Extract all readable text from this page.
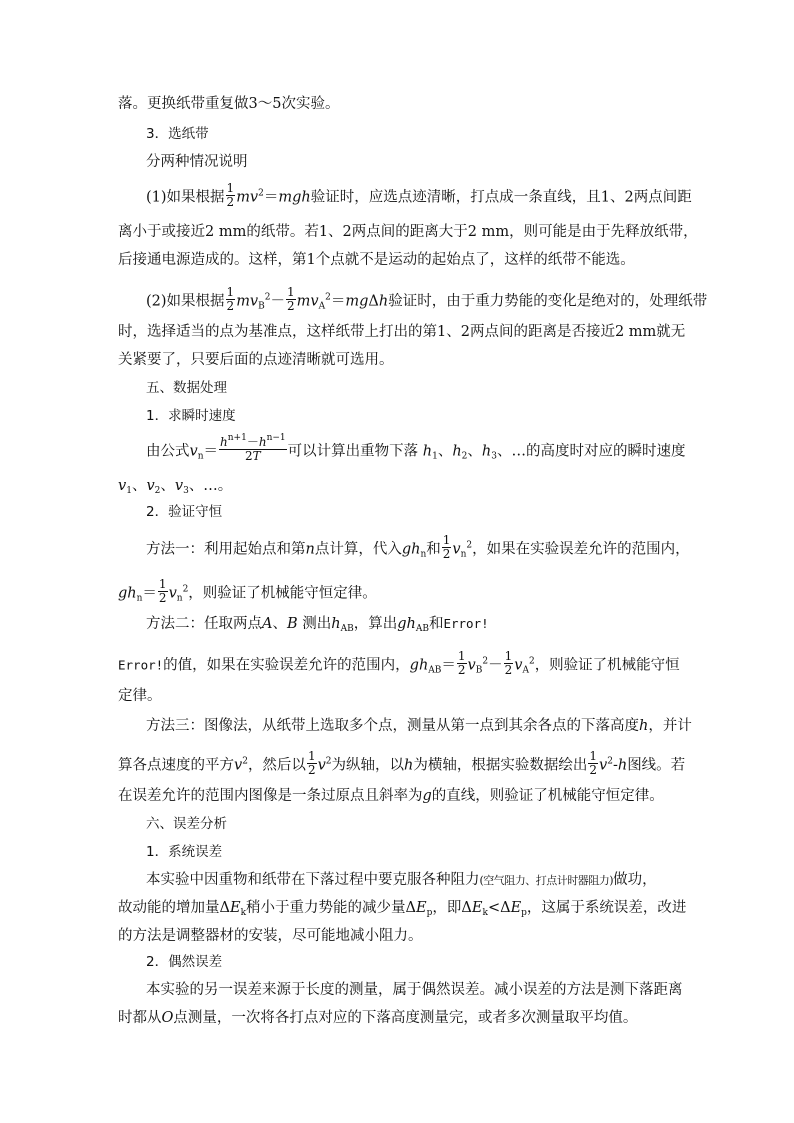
落。更换纸带重复做3～5次实验。
3．选纸带
分两种情况说明
(1)如果根据 $\frac{1}{2} mv^2=mgh$验证时，应选点迹清晰，打点成一条直线，且1、2两点间距
离小于或接近2 mm的纸带。若1、2两点间的距离大于2 mm，则可能是由于先释放纸带，
后接通电源造成的。这样，第1个点就不是运动的起始点了，这样的纸带不能选。
(2)如果根据 $\frac{1}{2} mv_B^2- \frac{1}{2} mv_A^2=mg\Delta h$验证时，由于重力势能的变化是绝对的，处理纸带
时，选择适当的点为基准点，这样纸带上打出的第1、2两点间的距离是否接近2 mm就无
关紧要了，只要后面的点迹清晰就可选用。
五、数据处理
1．求瞬时速度
由公式$v_n= \frac{h^{n+1}-h^{n-1}}{2T}$ 可以计算出重物下落 $h_1$、$h_2$、$h_3$、…的高度时对应的瞬时速度
$v_1$、$v_2$、$v_3$、…。
2．验证守恒
方法一：利用起始点和第n点计算，代入$gh_n$和 $\frac{1}{2} v_n^2$，如果在实验误差允许的范围内，
$gh_n= \frac{1}{2} v_n^2$，则验证了机械能守恒定律。
方法二：任取两点A、B 测出$h_{AB}$，算出$gh_{AB}$和Error!
Error!的值，如果在实验误差允许的范围内，$gh_{AB}= \frac{1}{2} v_B^2- \frac{1}{2} v_A^2$，则验证了机械能守恒
定律。
方法三：图像法，从纸带上选取多个点，测量从第一点到其余各点的下落高度h，并计
算各点速度的平方$v^2$，然后以 $\frac{1}{2} v^2$为纵轴，以h为横轴，根据实验数据绘出 $\frac{1}{2} v^2-h$图线。若
在误差允许的范围内图像是一条过原点且斜率为g的直线，则验证了机械能守恒定律。
六、误差分析
1．系统误差
本实验中因重物和纸带在下落过程中要克服各种阻力(空气阻力、打点计时器阻力)做功，
故动能的增加量$\Delta E_k$稍小于重力势能的减少量$\Delta E_p$，即$\Delta E_k<\Delta E_p$，这属于系统误差，改进
的方法是调整器材的安装，尽可能地减小阻力。
2．偶然误差
本实验的另一误差来源于长度的测量，属于偶然误差。减小误差的方法是测下落距离
时都从O点测量，一次将各打点对应的下落高度测量完，或者多次测量取平均值。
